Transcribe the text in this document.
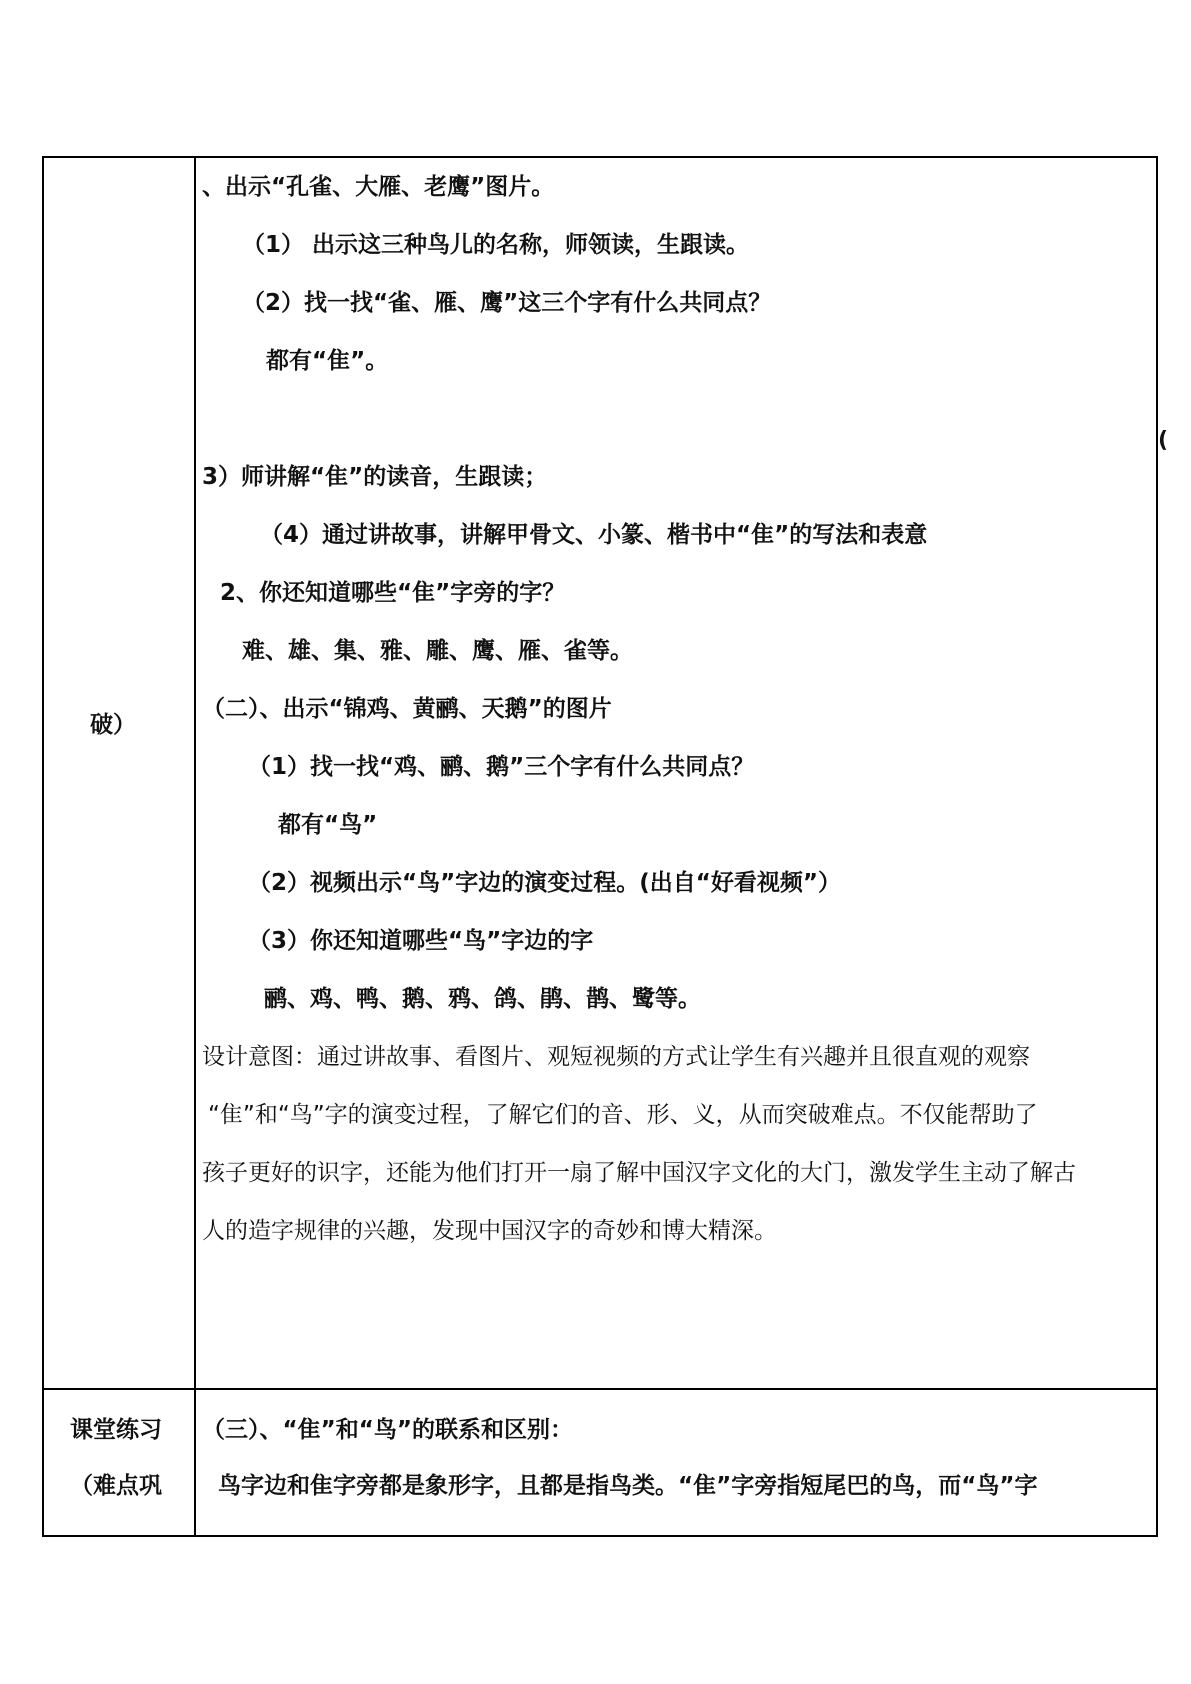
破）
、出示“孔雀、大雁、老鹰”图片。
（1） 出示这三种鸟儿的名称，师领读，生跟读。
（2）找一找“雀、雁、鹰”这三个字有什么共同点？
都有“隹”。
3）师讲解“隹”的读音，生跟读；
（4）通过讲故事，讲解甲骨文、小篆、楷书中“隹”的写法和表意
2、你还知道哪些“隹”字旁的字？
难、雄、集、雅、雕、鹰、雁、雀等。
（二）、出示“锦鸡、黄鹂、天鹅”的图片
（1）找一找“鸡、鹂、鹅”三个字有什么共同点？
都有“鸟”
（2）视频出示“鸟”字边的演变过程。(出自“好看视频”）
（3）你还知道哪些“鸟”字边的字
鹂、鸡、鸭、鹅、鸦、鸽、鹃、鹊、鹭等。
设计意图：通过讲故事、看图片、观短视频的方式让学生有兴趣并且很直观的观察
“隹”和“鸟”字的演变过程，了解它们的音、形、义，从而突破难点。不仅能帮助了
孩子更好的识字，还能为他们打开一扇了解中国汉字文化的大门，激发学生主动了解古
人的造字规律的兴趣，发现中国汉字的奇妙和博大精深。
课堂练习
（难点巩
（三）、“隹”和“鸟”的联系和区别：
鸟字边和隹字旁都是象形字，且都是指鸟类。“隹”字旁指短尾巴的鸟，而“鸟”字
(
